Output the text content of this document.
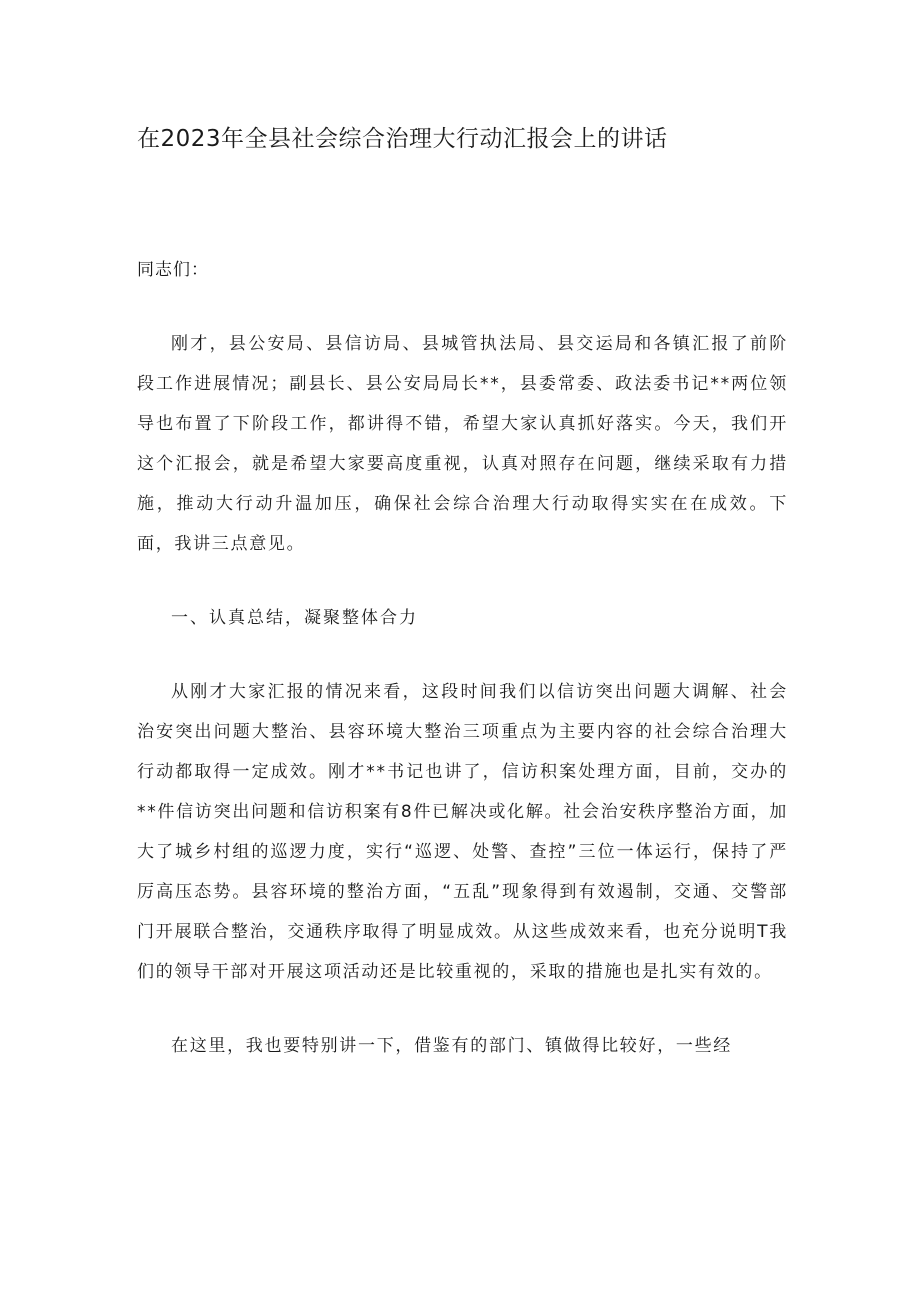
在2023年全县社会综合治理大行动汇报会上的讲话

同志们：

刚才，县公安局、县信访局、县城管执法局、县交运局和各镇汇报了前阶段工作进展情况；副县长、县公安局局长**，县委常委、政法委书记**两位领导也布置了下阶段工作，都讲得不错，希望大家认真抓好落实。今天，我们开这个汇报会，就是希望大家要高度重视，认真对照存在问题，继续采取有力措施，推动大行动升温加压，确保社会综合治理大行动取得实实在在成效。下面，我讲三点意见。

一、认真总结，凝聚整体合力

从刚才大家汇报的情况来看，这段时间我们以信访突出问题大调解、社会治安突出问题大整治、县容环境大整治三项重点为主要内容的社会综合治理大行动都取得一定成效。刚才**书记也讲了，信访积案处理方面，目前，交办的**件信访突出问题和信访积案有8件已解决或化解。社会治安秩序整治方面，加大了城乡村组的巡逻力度，实行“巡逻、处警、查控”三位一体运行，保持了严厉高压态势。县容环境的整治方面，“五乱”现象得到有效遏制，交通、交警部门开展联合整治，交通秩序取得了明显成效。从这些成效来看，也充分说明T我们的领导干部对开展这项活动还是比较重视的，采取的措施也是扎实有效的。

在这里，我也要特别讲一下，借鉴有的部门、镇做得比较好，一些经
